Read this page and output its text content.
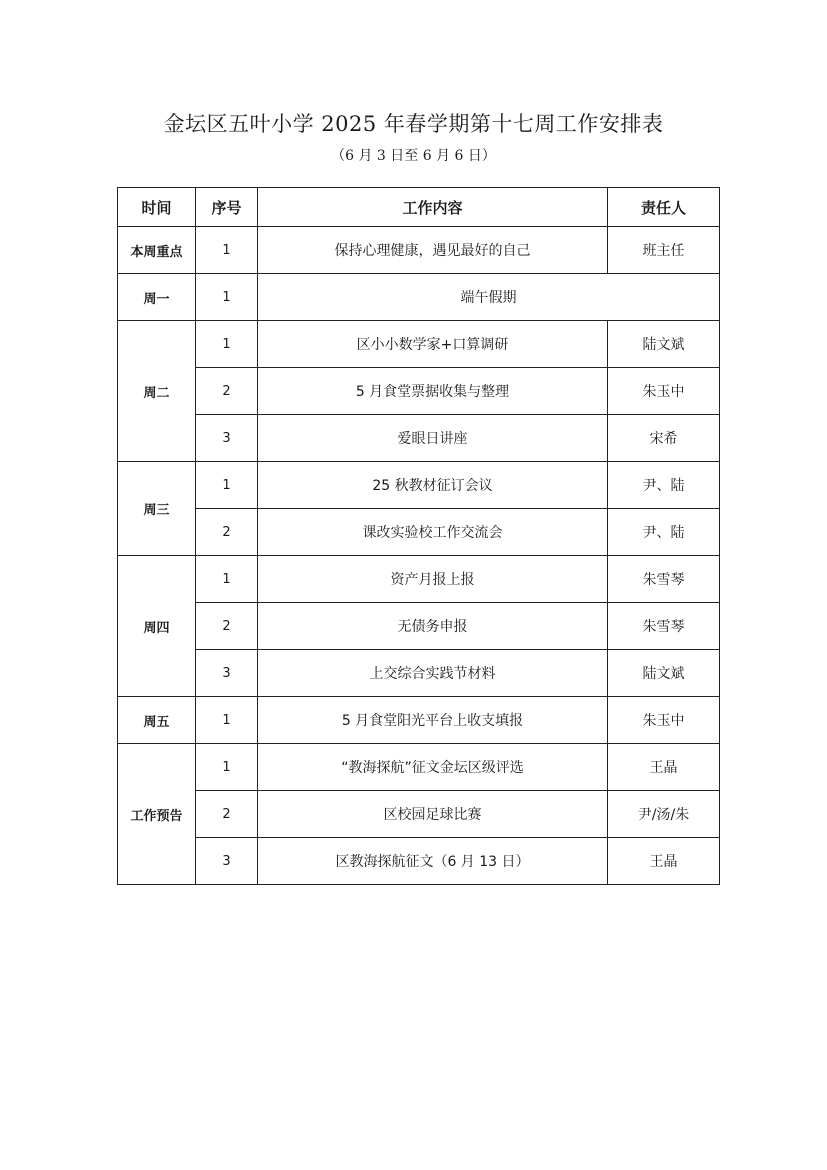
金坛区五叶小学 2025 年春学期第十七周工作安排表
（6 月 3 日至 6 月 6 日）
时间	序号	工作内容	责任人
本周重点	1	保持心理健康，遇见最好的自己	班主任
周一	1	端午假期	
周二	1	区小小数学家+口算调研	陆文斌
	2	5 月食堂票据收集与整理	朱玉中
	3	爱眼日讲座	宋希
周三	1	25 秋教材征订会议	尹、陆
	2	课改实验校工作交流会	尹、陆
周四	1	资产月报上报	朱雪琴
	2	无债务申报	朱雪琴
	3	上交综合实践节材料	陆文斌
周五	1	5 月食堂阳光平台上收支填报	朱玉中
工作预告	1	“教海探航”征文金坛区级评选	王晶
	2	区校园足球比赛	尹/汤/朱
	3	区教海探航征文（6 月 13 日）	王晶
